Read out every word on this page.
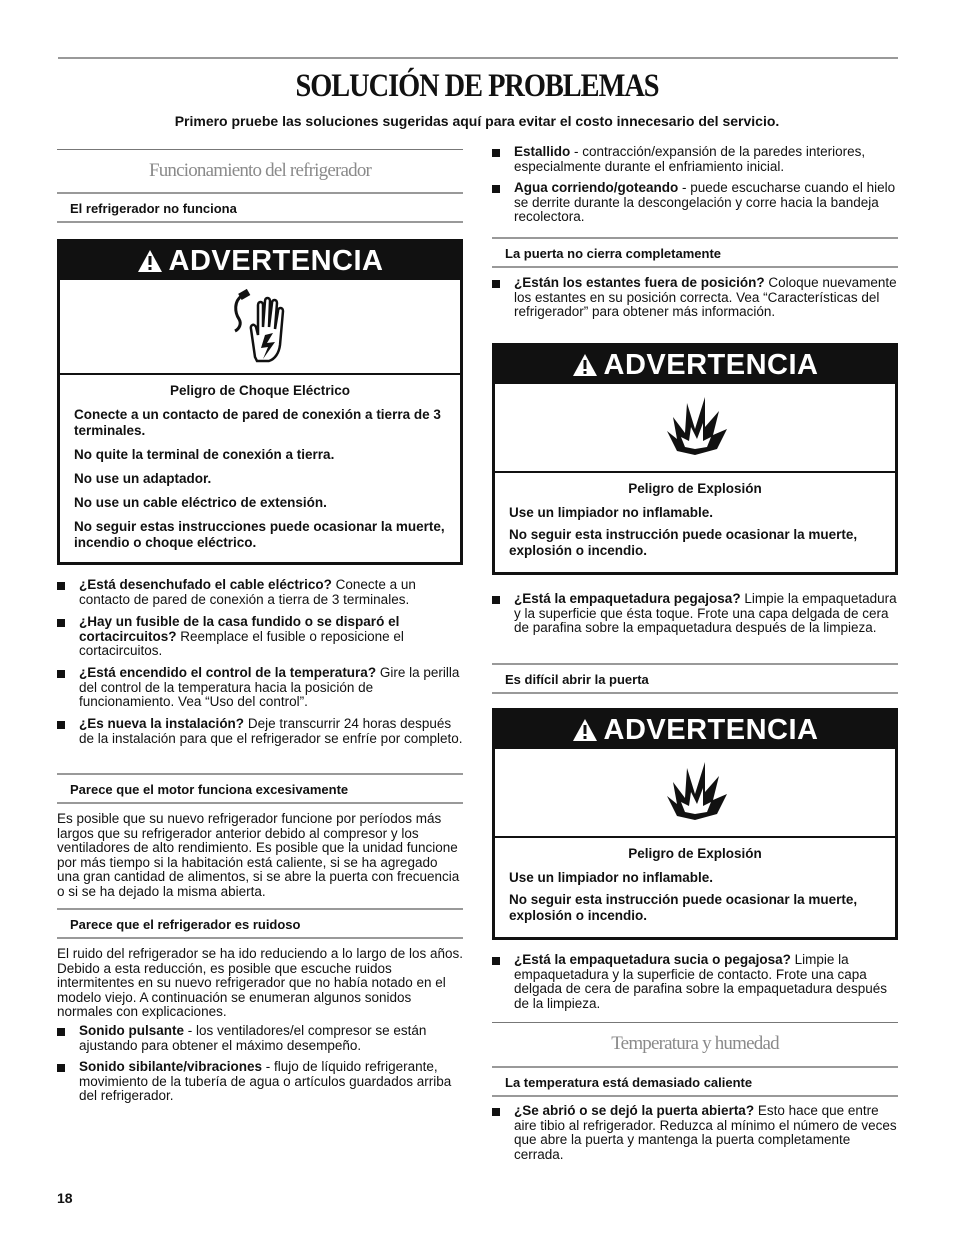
SOLUCIÓN DE PROBLEMAS
Primero pruebe las soluciones sugeridas aquí para evitar el costo innecesario del servicio.
Funcionamiento del refrigerador
El refrigerador no funciona
ADVERTENCIA
Peligro de Choque Eléctrico

Conecte a un contacto de pared de conexión a tierra de 3 terminales.

No quite la terminal de conexión a tierra.

No use un adaptador.

No use un cable eléctrico de extensión.

No seguir estas instrucciones puede ocasionar la muerte, incendio o choque eléctrico.

¿Está desenchufado el cable eléctrico? Conecte a un contacto de pared de conexión a tierra de 3 terminales.
¿Hay un fusible de la casa fundido o se disparó el cortacircuitos? Reemplace el fusible o reposicione el cortacircuitos.
¿Está encendido el control de la temperatura? Gire la perilla del control de la temperatura hacia la posición de funcionamiento. Vea “Uso del control”.
¿Es nueva la instalación? Deje transcurrir 24 horas después de la instalación para que el refrigerador se enfríe por completo.
Parece que el motor funciona excesivamente
Es posible que su nuevo refrigerador funcione por períodos más largos que su refrigerador anterior debido al compresor y los ventiladores de alto rendimiento. Es posible que la unidad funcione por más tiempo si la habitación está caliente, si se ha agregado una gran cantidad de alimentos, si se abre la puerta con frecuencia o si se ha dejado la misma abierta.
Parece que el refrigerador es ruidoso
El ruido del refrigerador se ha ido reduciendo a lo largo de los años. Debido a esta reducción, es posible que escuche ruidos intermitentes en su nuevo refrigerador que no había notado en el modelo viejo. A continuación se enumeran algunos sonidos normales con explicaciones.
Sonido pulsante - los ventiladores/el compresor se están ajustando para obtener el máximo desempeño.
Sonido sibilante/vibraciones - flujo de líquido refrigerante, movimiento de la tubería de agua o artículos guardados arriba del refrigerador.
Estallido - contracción/expansión de la paredes interiores, especialmente durante el enfriamiento inicial.
Agua corriendo/goteando - puede escucharse cuando el hielo se derrite durante la descongelación y corre hacia la bandeja recolectora.
La puerta no cierra completamente
¿Están los estantes fuera de posición? Coloque nuevamente los estantes en su posición correcta. Vea “Características del refrigerador” para obtener más información.
ADVERTENCIA
Peligro de Explosión

Use un limpiador no inflamable.

No seguir esta instrucción puede ocasionar la muerte, explosión o incendio.

¿Está la empaquetadura pegajosa? Limpie la empaquetadura y la superficie que ésta toque. Frote una capa delgada de cera de parafina sobre la empaquetadura después de la limpieza.
Es difícil abrir la puerta
ADVERTENCIA
Peligro de Explosión

Use un limpiador no inflamable.

No seguir esta instrucción puede ocasionar la muerte, explosión o incendio.

¿Está la empaquetadura sucia o pegajosa? Limpie la empaquetadura y la superficie de contacto. Frote una capa delgada de cera de parafina sobre la empaquetadura después de la limpieza.
Temperatura y humedad
La temperatura está demasiado caliente
¿Se abrió o se dejó la puerta abierta? Esto hace que entre aire tibio al refrigerador. Reduzca al mínimo el número de veces que abre la puerta y mantenga la puerta completamente cerrada.
18
